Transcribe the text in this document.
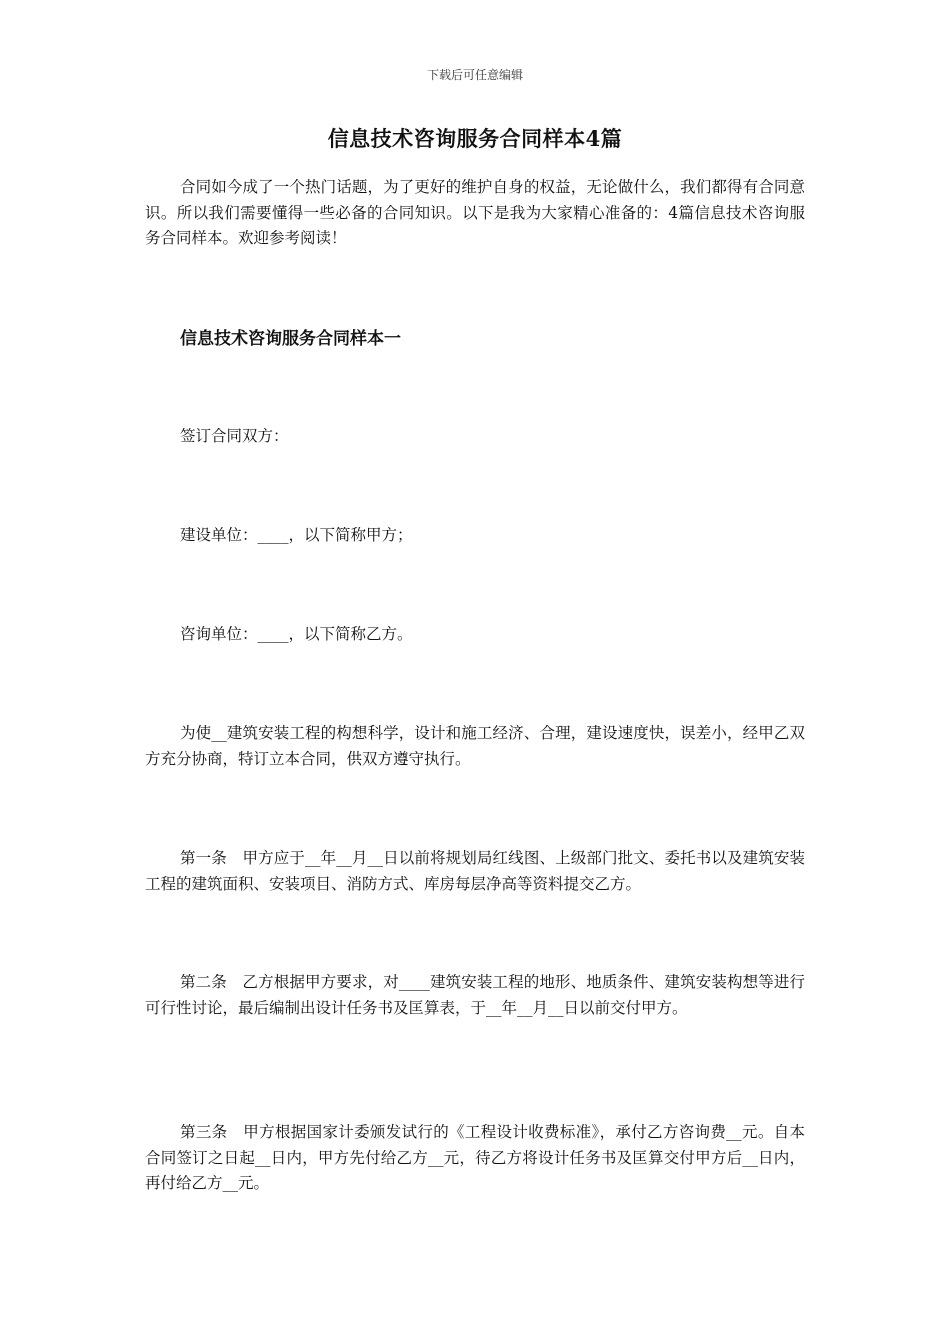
下载后可任意编辑
信息技术咨询服务合同样本4篇

合同如今成了一个热门话题，为了更好的维护自身的权益，无论做什么，我们都得有合同意识。所以我们需要懂得一些必备的合同知识。以下是我为大家精心准备的：4篇信息技术咨询服务合同样本。欢迎参考阅读！

信息技术咨询服务合同样本一

签订合同双方：

建设单位：____，以下简称甲方；

咨询单位：____，以下简称乙方。

为使__建筑安装工程的构想科学，设计和施工经济、合理，建设速度快，误差小，经甲乙双方充分协商，特订立本合同，供双方遵守执行。

第一条　甲方应于__年__月__日以前将规划局红线图、上级部门批文、委托书以及建筑安装工程的建筑面积、安装项目、消防方式、库房每层净高等资料提交乙方。

第二条　乙方根据甲方要求，对____建筑安装工程的地形、地质条件、建筑安装构想等进行可行性讨论，最后编制出设计任务书及匡算表，于__年__月__日以前交付甲方。

第三条　甲方根据国家计委颁发试行的《工程设计收费标准》，承付乙方咨询费__元。自本合同签订之日起__日内，甲方先付给乙方__元，待乙方将设计任务书及匡算交付甲方后__日内，再付给乙方__元。
